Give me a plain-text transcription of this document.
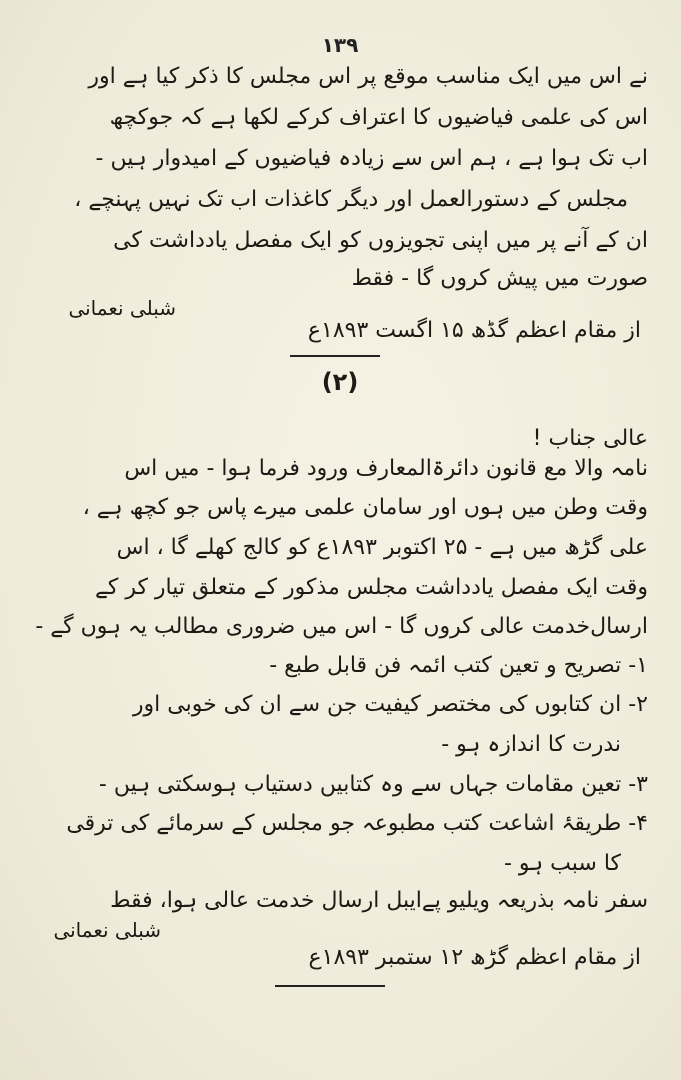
۱۳۹
نے اس میں ایک مناسب موقع پر اس مجلس کا ذکر کیا ہے اور
اس کی علمی فیاضیوں کا اعتراف کرکے لکھا ہے کہ جوکچھ
اب تک ہوا ہے ، ہم اس سے زیادہ فیاضیوں کے امیدوار ہیں -
مجلس کے دستورالعمل اور دیگر کاغذات اب تک نہیں پہنچے ،
ان کے آنے پر میں اپنی تجویزوں کو ایک مفصل یادداشت کی
صورت میں پیش کروں گا - فقط
شبلی نعمانی
از مقام اعظم گڈھ ۱۵ اگست ۱۸۹۳ع
(۲)
عالی جناب !
نامہ والا مع قانون دائرۃالمعارف ورود فرما ہوا - میں اس
وقت وطن میں ہوں اور سامان علمی میرے پاس جو کچھ ہے ،
علی گڑھ میں ہے - ۲۵ اکتوبر ۱۸۹۳ع کو کالج کھلے گا ، اس
وقت ایک مفصل یادداشت مجلس مذکور کے متعلق تیار کر کے
ارسال‌خدمت عالی کروں گا - اس میں ضروری مطالب یہ ہوں گے -
۱- تصریح و تعین کتب ائمہ فن قابل طبع -
۲- ان کتابوں کی مختصر کیفیت جن سے ان کی خوبی اور
ندرت کا اندازہ ہو -
۳- تعین مقامات جہاں سے وہ کتابیں دستیاب ہوسکتی ہیں -
۴- طریقۂ اشاعت کتب مطبوعہ جو مجلس کے سرمائے کی ترقی
کا سبب ہو -
سفر نامہ بذریعہ ویلیو پے‌ایبل ارسال خدمت عالی ہوا، فقط
شبلی نعمانی
از مقام اعظم گڑھ ۱۲ ستمبر ۱۸۹۳ع
